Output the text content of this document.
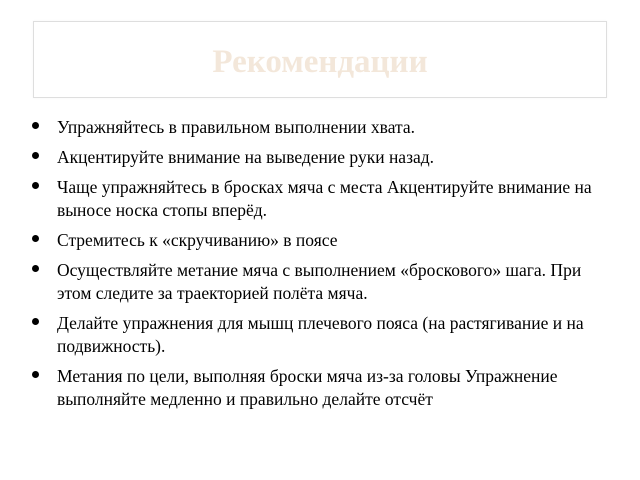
Рекомендации
Упражняйтесь в правильном выполнении хвата.
Акцентируйте внимание на выведение руки назад.
Чаще упражняйтесь в бросках мяча с места Акцентируйте внимание на выносе носка стопы вперёд.
Стремитесь к «скручиванию» в поясе
Осуществляйте метание мяча с выполнением «броскового» шага. При этом следите за траекторией полёта мяча.
Делайте упражнения для мышц плечевого пояса (на растягивание и на подвижность).
Метания по цели, выполняя броски мяча из-за головы Упражнение выполняйте медленно и правильно делайте отсчёт
